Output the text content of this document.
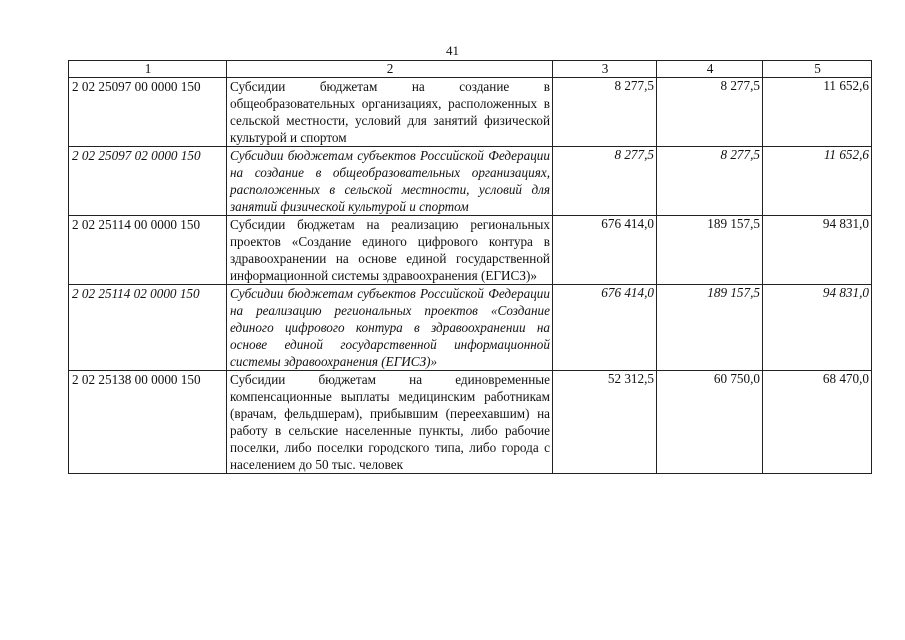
41
1	2	3	4	5
2 02 25097 00 0000 150	Субсидии бюджетам на создание в общеобразовательных организациях, расположенных в сельской местности, условий для занятий физической культурой и спортом	8 277,5	8 277,5	11 652,6
2 02 25097 02 0000 150	Субсидии бюджетам субъектов Российской Федерации на создание в общеобразовательных организациях, расположенных в сельской местности, условий для занятий физической культурой и спортом	8 277,5	8 277,5	11 652,6
2 02 25114 00 0000 150	Субсидии бюджетам на реализацию региональных проектов «Создание единого цифрового контура в здравоохранении на основе единой государственной информационной системы здравоохранения (ЕГИСЗ)»	676 414,0	189 157,5	94 831,0
2 02 25114 02 0000 150	Субсидии бюджетам субъектов Российской Федерации на реализацию региональных проектов «Создание единого цифрового контура в здравоохранении на основе единой государственной информационной системы здравоохранения (ЕГИСЗ)»	676 414,0	189 157,5	94 831,0
2 02 25138 00 0000 150	Субсидии бюджетам на единовременные компенсационные выплаты медицинским работникам (врачам, фельдшерам), прибывшим (переехавшим) на работу в сельские населенные пункты, либо рабочие поселки, либо поселки городского типа, либо города с населением до 50 тыс. человек	52 312,5	60 750,0	68 470,0
